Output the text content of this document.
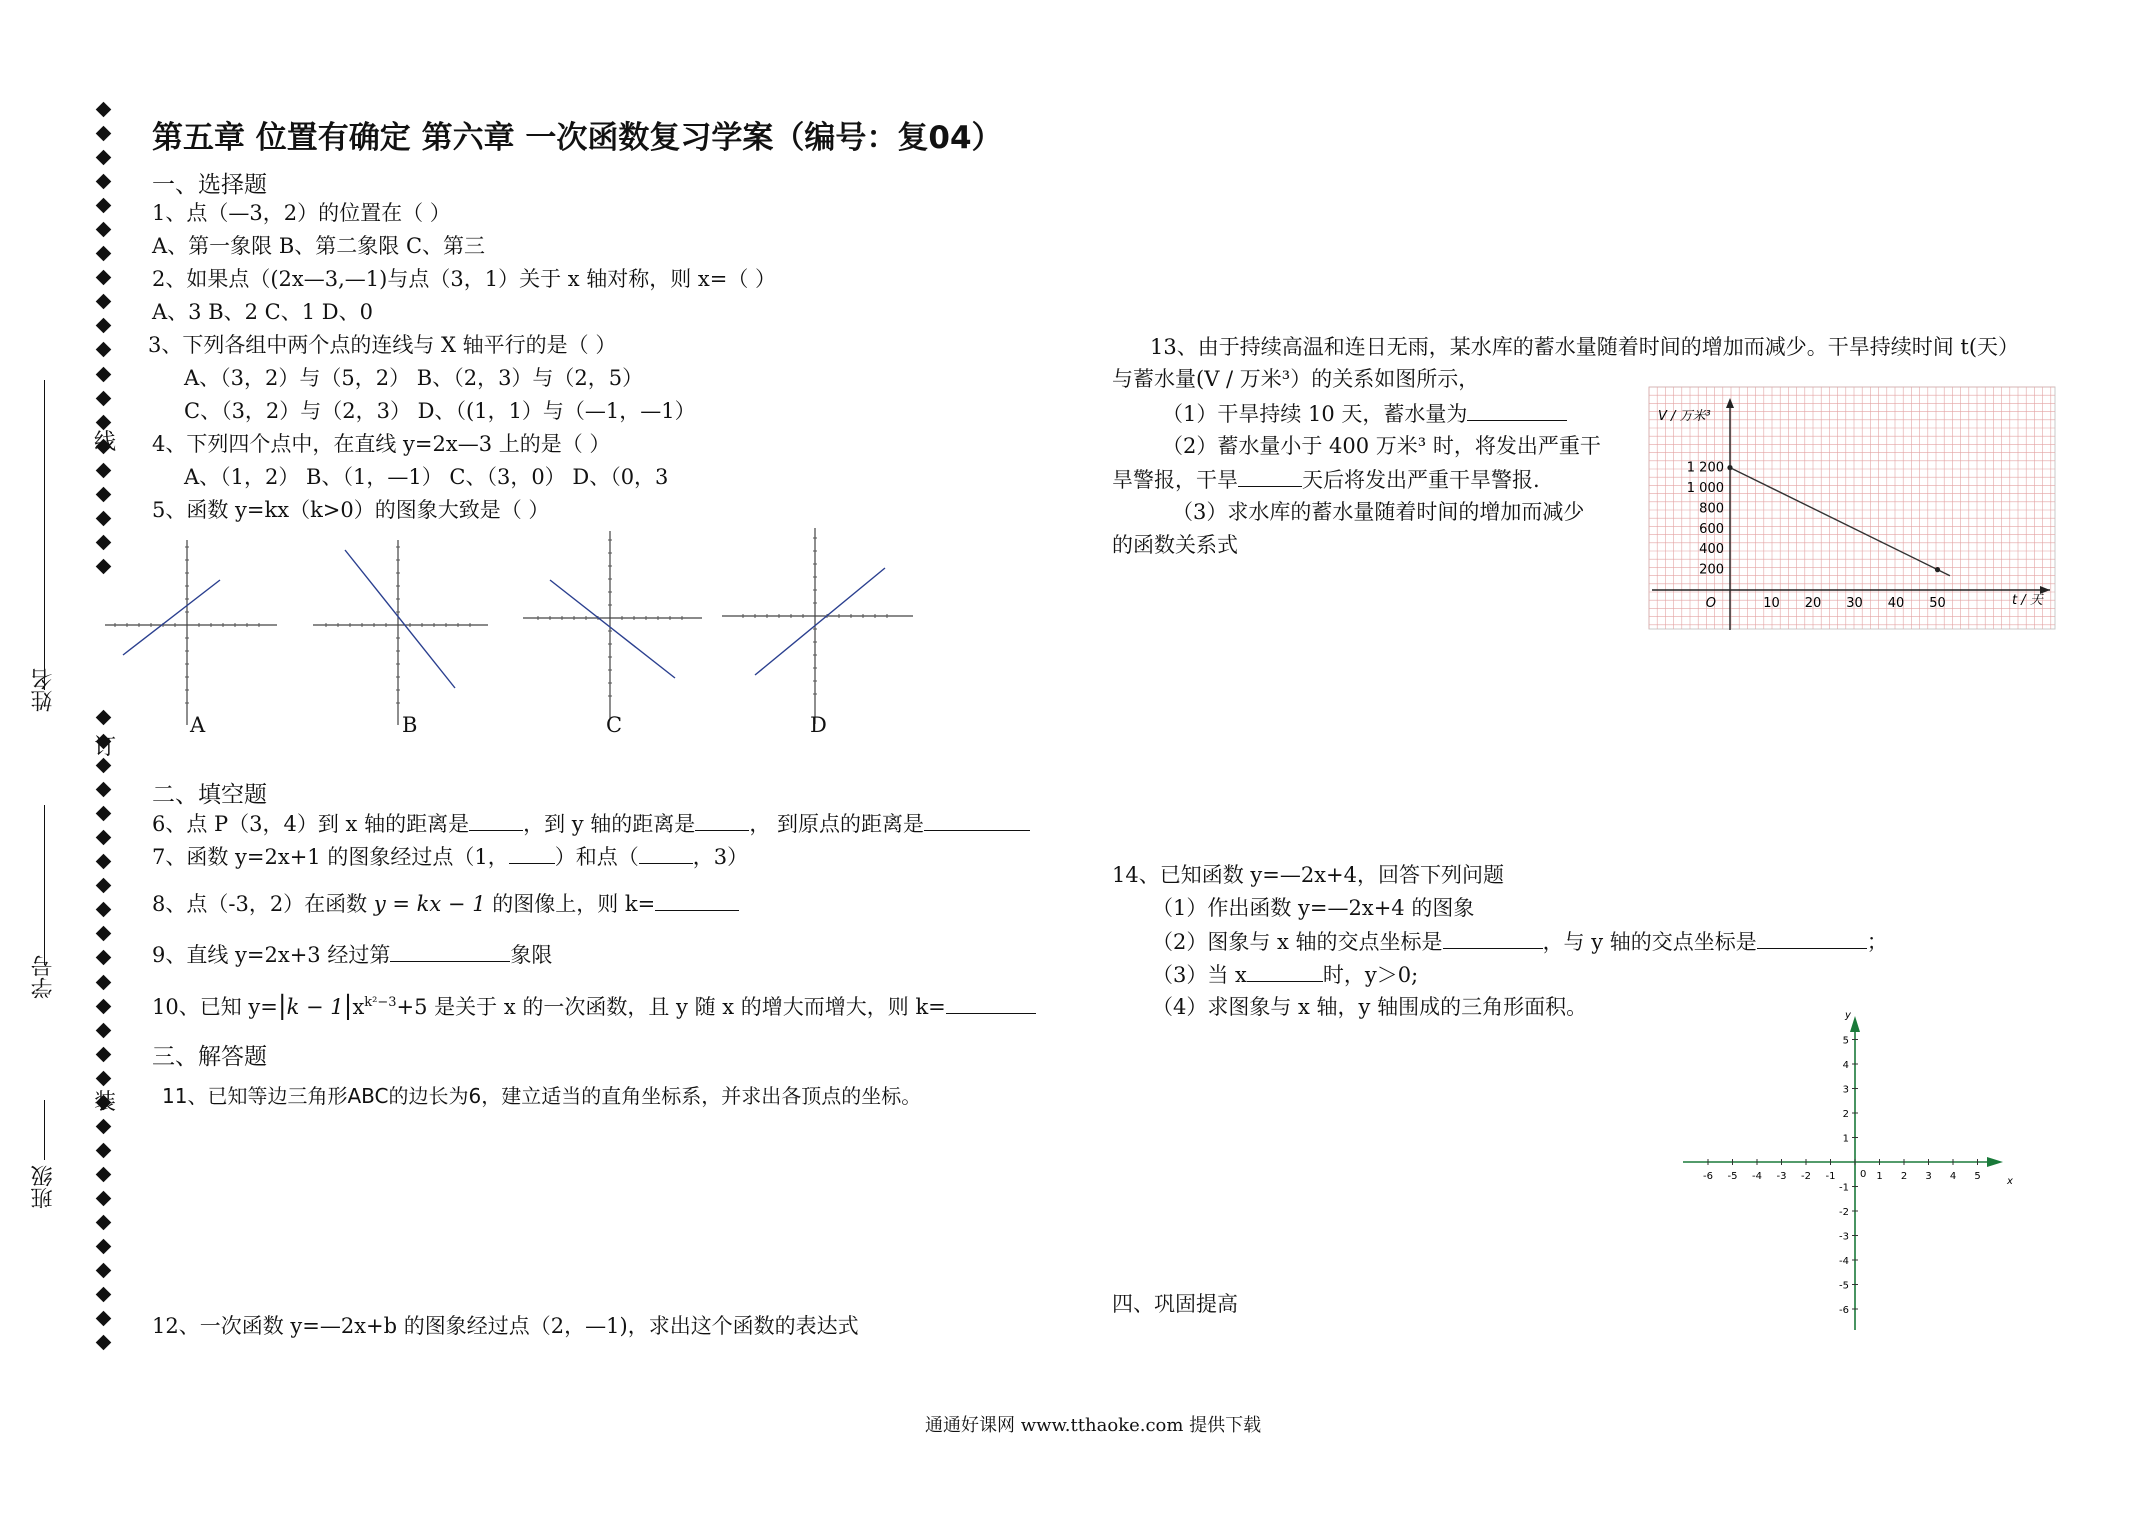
第五章 位置有确定 第六章 一次函数复习学案（编号：复04）
线
订
装
姓名
学号
班级
一、选择题
1、点（—3，2）的位置在（ ）
A、第一象限 B、第二象限 C、第三
2、如果点（(2x—3,—1)与点（3，1）关于 x 轴对称，则 x=（ ）
A、3 B、2 C、1 D、0
3、下列各组中两个点的连线与 X 轴平行的是（ ）
A、（3，2）与（5，2） B、（2，3）与（2，5）
C、（3，2）与（2，3） D、（(1，1）与（—1，—1）
4、下列四个点中，在直线 y=2x—3 上的是（ ）
A、（1，2） B、（1，—1） C、（3，0） D、（0，3
5、函数 y=kx（k>0）的图象大致是（ ）
A	B	C	D
二、填空题
6、点 P（3，4）到 x 轴的距离是	，到 y 轴的距离是	， 到原点的距离是
7、函数 y=2x+1 的图象经过点（1， ）和点（	，3）
8、点（-3，2）在函数 y = kx − 1 的图像上，则 k=
9、直线 y=2x+3 经过第	象限
10、已知 $y=|k - 1|x^{k^2-3}+5$ 是关于 x 的一次函数，且 y 随 x 的增大而增大，则 k=
三、解答题
11、已知等边三角形ABC的边长为6，建立适当的直角坐标系，并求出各顶点的坐标。
12、一次函数 y=—2x+b 的图象经过点（2，—1)，求出这个函数的表达式
13、由于持续高温和连日无雨，某水库的蓄水量随着时间的增加而减少。干旱持续时间 t(天）
与蓄水量(V / 万米³）的关系如图所示，
（1）干旱持续 10 天，蓄水量为
（2）蓄水量小于 400 万米³ 时，将发出严重干
旱警报，干旱	天后将发出严重干旱警报.
（3）求水库的蓄水量随着时间的增加而减少
的函数关系式
O	10 20 30 40 50
200
400
600
800
1 000
1 200
V / 万米³
t / 天
14、已知函数 y=—2x+4，回答下列问题
（1）作出函数 y=—2x+4 的图象
（2）图象与 x 轴的交点坐标是	，与 y 轴的交点坐标是	；
（3）当 x	时，y＞0;
（4）求图象与 x 轴，y 轴围成的三角形面积。
x
y
-6 -5 -4 -3 -2 -1	1 2 3 4 5
0
-6
-5
-4
-3
-2
-1
1
2
3
4
5
四、巩固提高
通通好课网 www.tthaoke.com 提供下载
